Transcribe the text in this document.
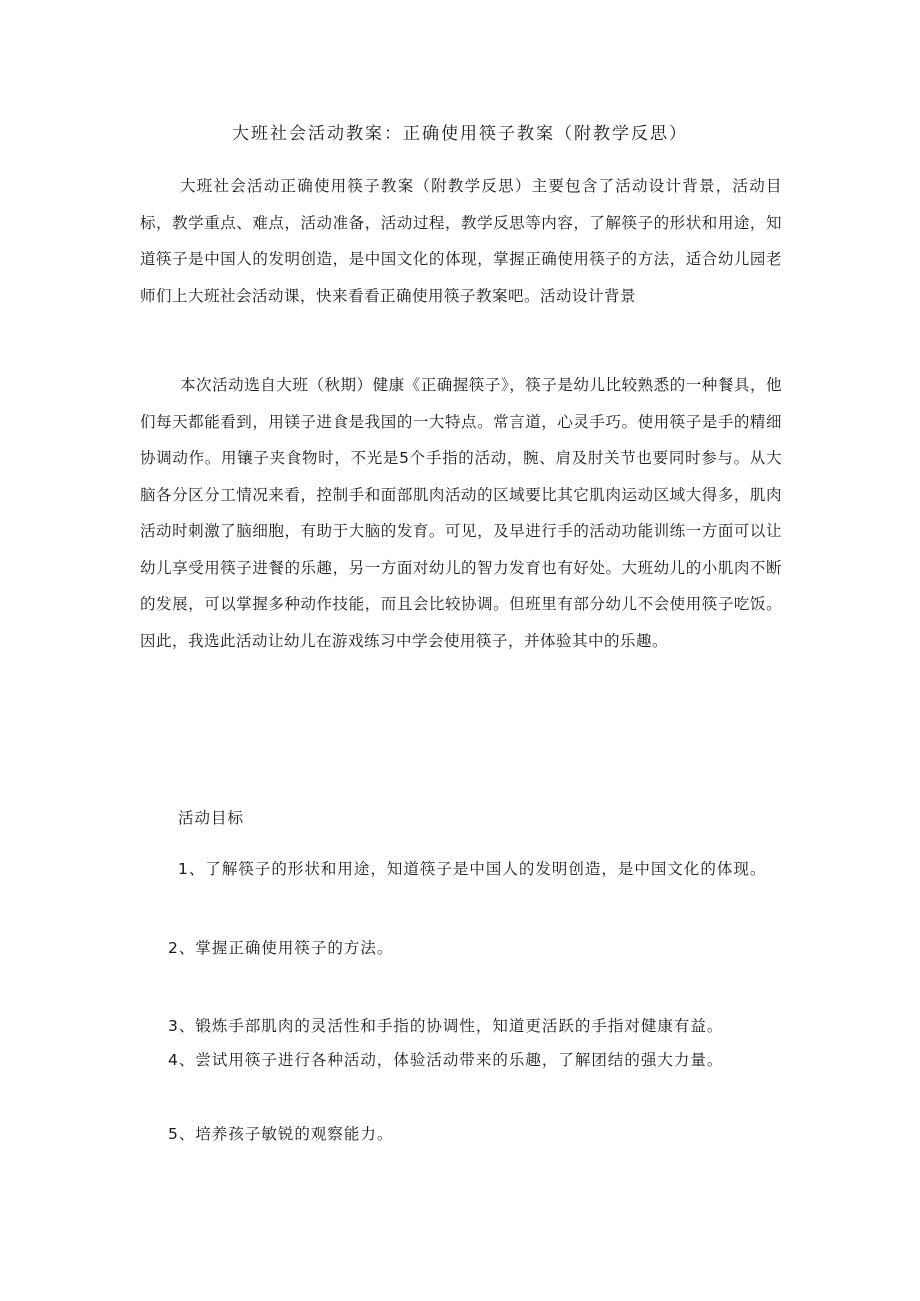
大班社会活动教案：正确使用筷子教案（附教学反思）
大班社会活动正确使用筷子教案（附教学反思）主要包含了活动设计背景，活动目标，教学重点、难点，活动准备，活动过程，教学反思等内容，了解筷子的形状和用途，知道筷子是中国人的发明创造，是中国文化的体现，掌握正确使用筷子的方法，适合幼儿园老师们上大班社会活动课，快来看看正确使用筷子教案吧。活动设计背景
本次活动选自大班（秋期）健康《正确握筷子》，筷子是幼儿比较熟悉的一种餐具，他们每天都能看到，用镁子进食是我国的一大特点。常言道，心灵手巧。使用筷子是手的精细协调动作。用镶子夹食物时，不光是5个手指的活动，腕、肩及肘关节也要同时参与。从大脑各分区分工情况来看，控制手和面部肌肉活动的区域要比其它肌肉运动区域大得多，肌肉活动时刺激了脑细胞，有助于大脑的发育。可见，及早进行手的活动功能训练一方面可以让幼儿享受用筷子进餐的乐趣，另一方面对幼儿的智力发育也有好处。大班幼儿的小肌肉不断的发展，可以掌握多种动作技能，而且会比较协调。但班里有部分幼儿不会使用筷子吃饭。因此，我选此活动让幼儿在游戏练习中学会使用筷子，并体验其中的乐趣。
活动目标
1、了解筷子的形状和用途，知道筷子是中国人的发明创造，是中国文化的体现。
2、掌握正确使用筷子的方法。
3、锻炼手部肌肉的灵活性和手指的协调性，知道更活跃的手指对健康有益。
4、尝试用筷子进行各种活动，体验活动带来的乐趣，了解团结的强大力量。
5、培养孩子敏锐的观察能力。
